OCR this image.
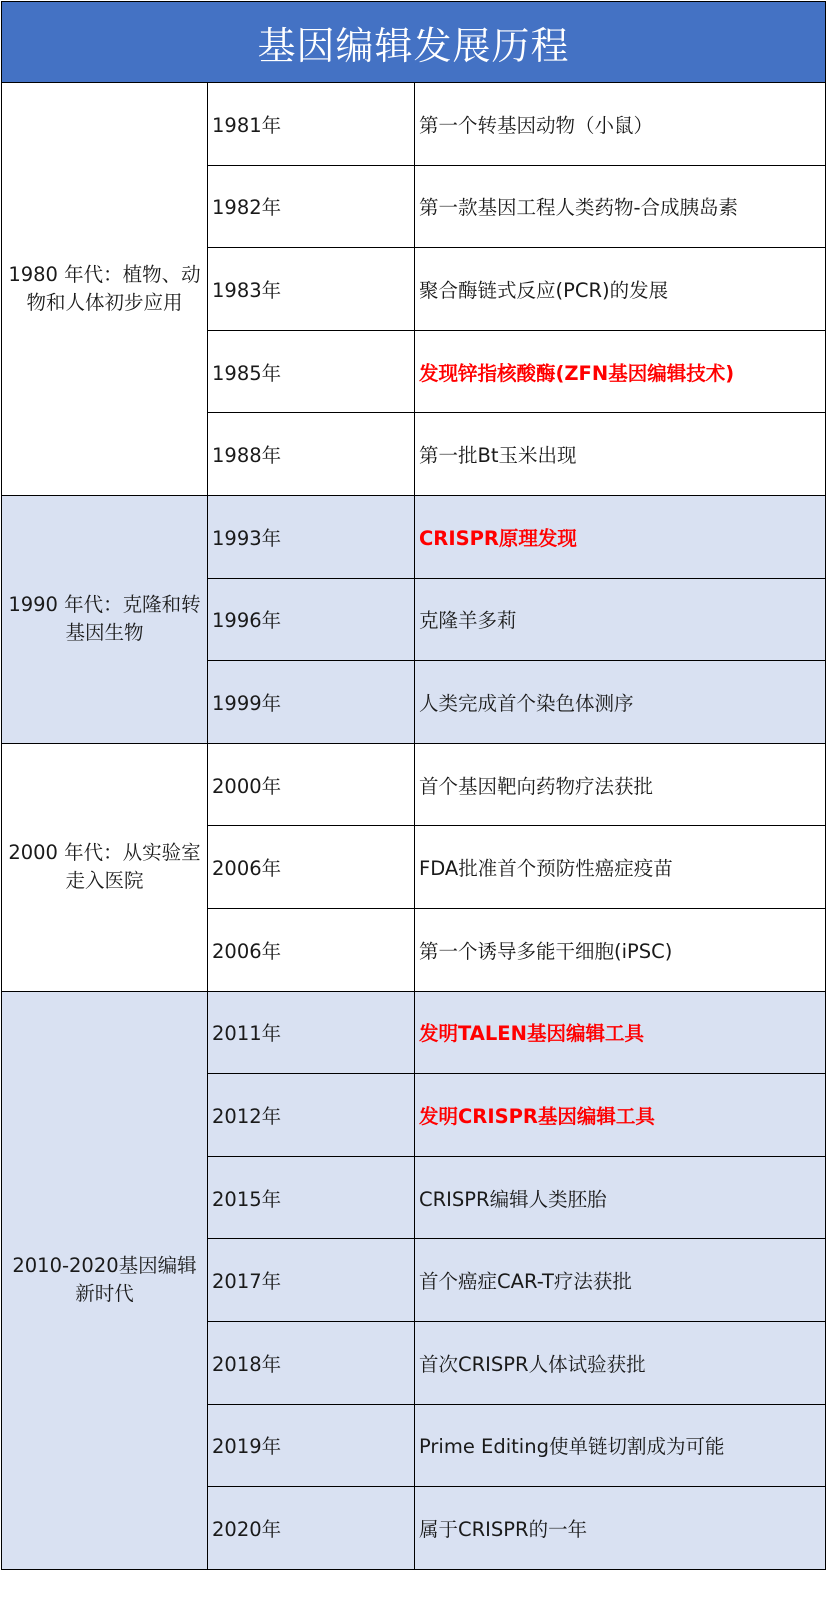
基因编辑发展历程
1980 年代：植物、动物和人体初步应用
1981年	第一个转基因动物（小鼠）
1982年	第一款基因工程人类药物-合成胰岛素
1983年	聚合酶链式反应(PCR)的发展
1985年	发现锌指核酸酶(ZFN基因编辑技术)
1988年	第一批Bt玉米出现
1990 年代：克隆和转基因生物
1993年	CRISPR原理发现
1996年	克隆羊多莉
1999年	人类完成首个染色体测序
2000 年代：从实验室走入医院
2000年	首个基因靶向药物疗法获批
2006年	FDA批准首个预防性癌症疫苗
2006年	第一个诱导多能干细胞(iPSC)
2010-2020基因编辑新时代
2011年	发明TALEN基因编辑工具
2012年	发明CRISPR基因编辑工具
2015年	CRISPR编辑人类胚胎
2017年	首个癌症CAR-T疗法获批
2018年	首次CRISPR人体试验获批
2019年	Prime Editing使单链切割成为可能
2020年	属于CRISPR的一年
